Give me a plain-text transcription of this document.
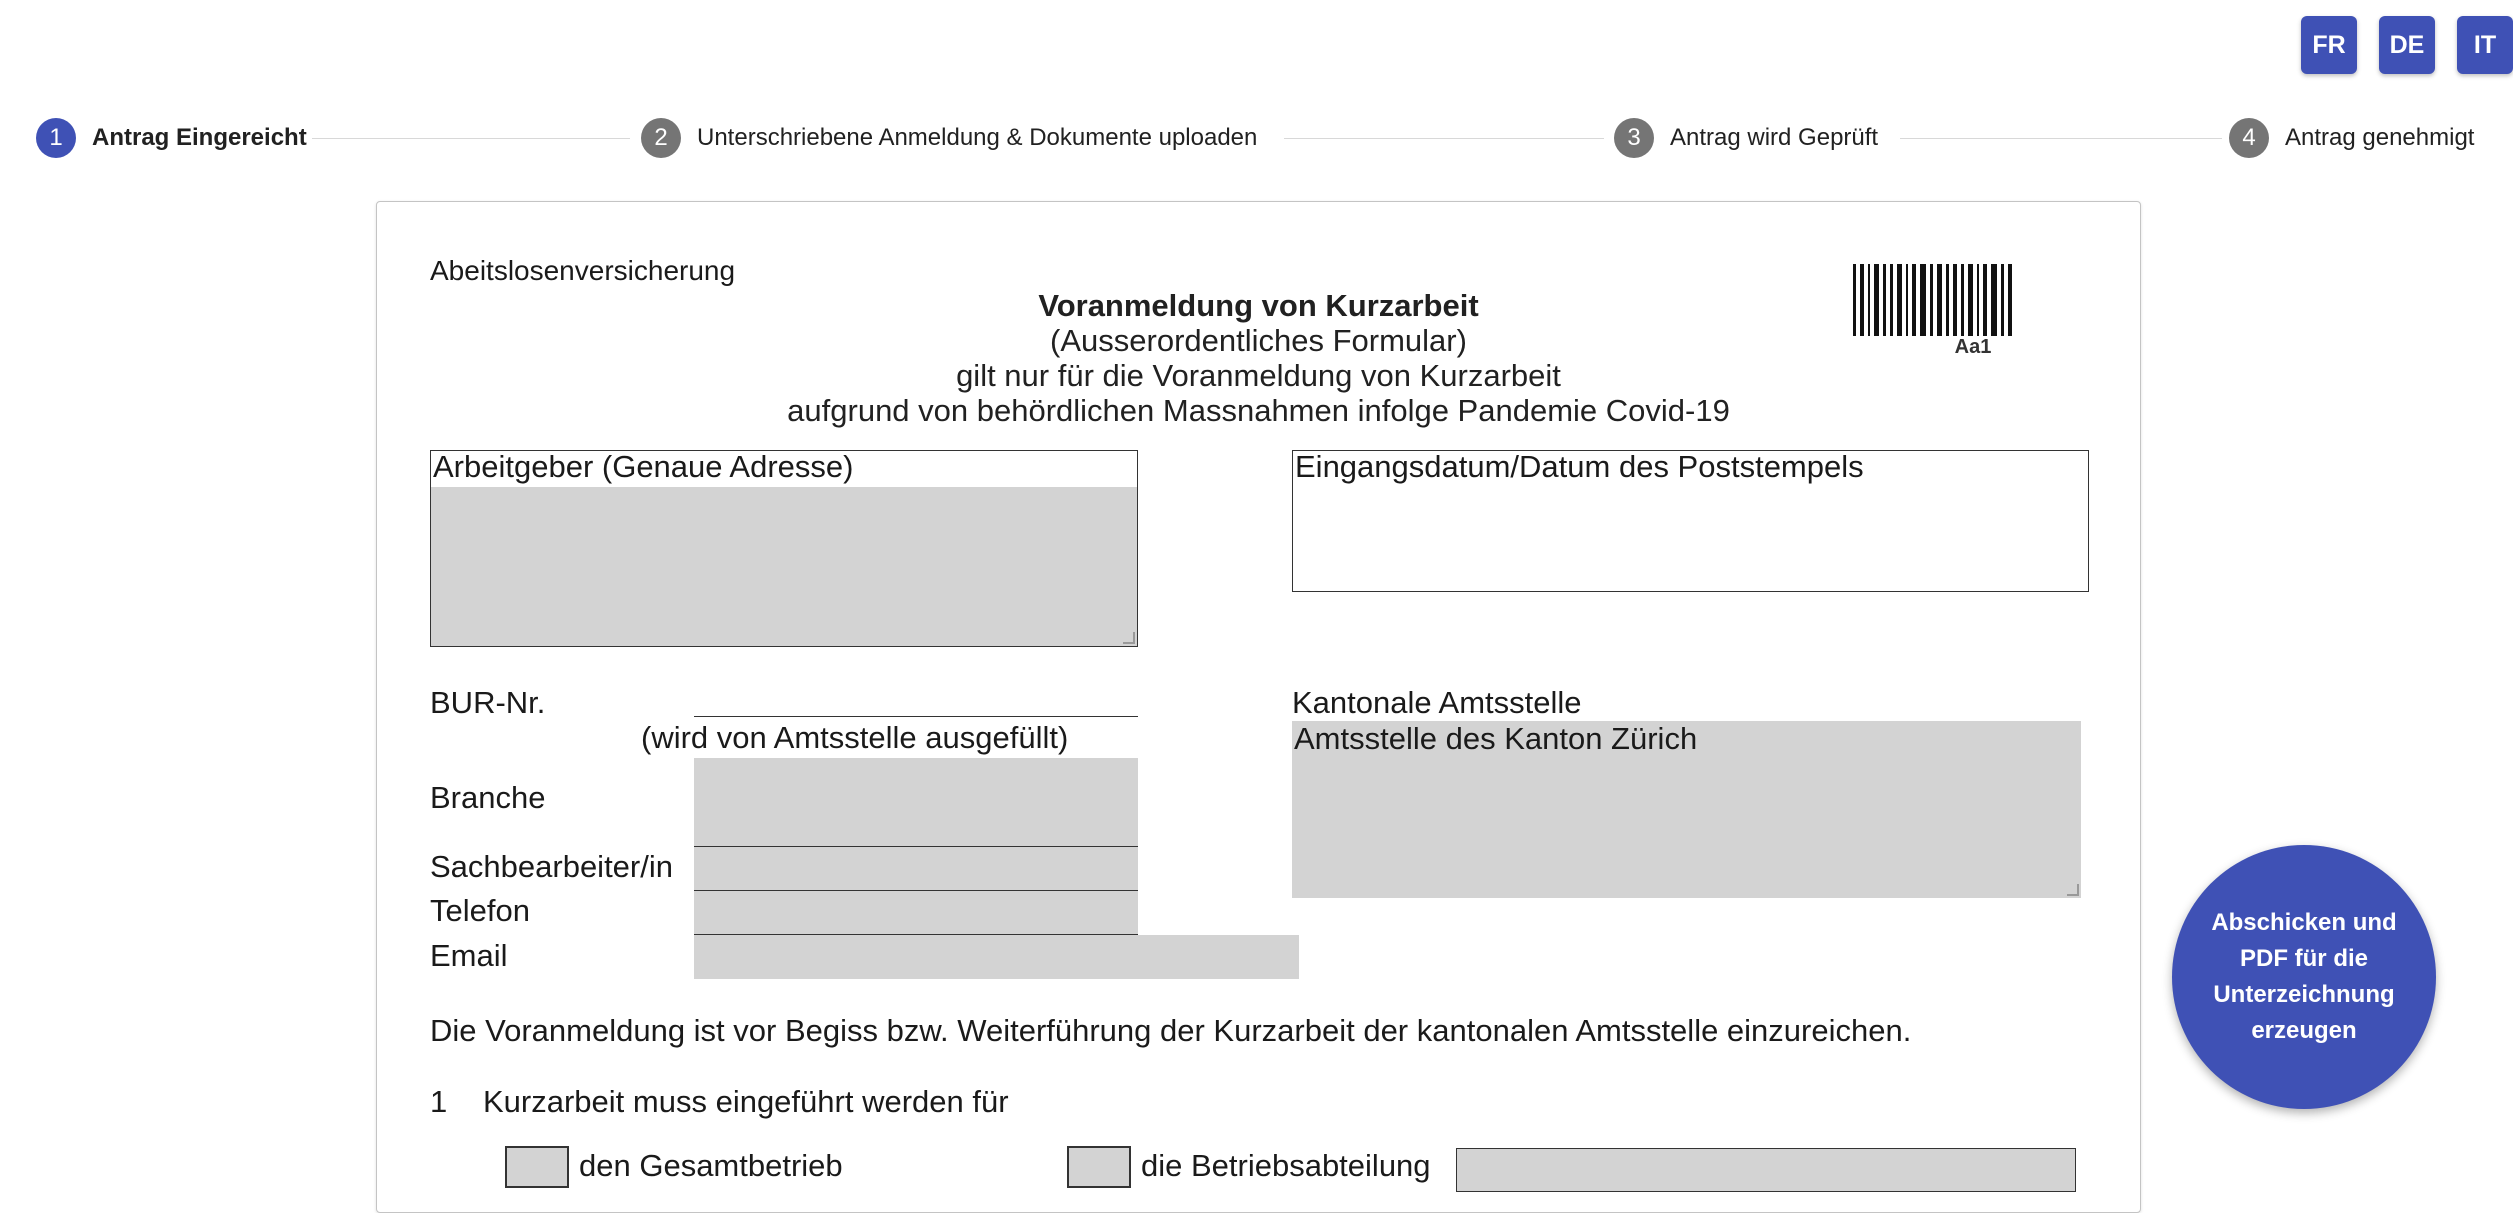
FR	DE	IT
1	Antrag Eingereicht	2	Unterschriebene Anmeldung & Dokumente uploaden	3	Antrag wird Geprüft	4	Antrag genehmigt
Abeitslosenversicherung
Voranmeldung von Kurzarbeit
(Ausserordentliches Formular)
gilt nur für die Voranmeldung von Kurzarbeit
aufgrund von behördlichen Massnahmen infolge Pandemie Covid-19
Aa1
Arbeitgeber (Genaue Adresse)	Eingangsdatum/Datum des Poststempels
BUR-Nr.
(wird von Amtsstelle ausgefüllt)
Branche
Sachbearbeiter/in
Telefon
Email
Kantonale Amtsstelle
Amtsstelle des Kanton Zürich
Die Voranmeldung ist vor Begiss bzw. Weiterführung der Kurzarbeit der kantonalen Amtsstelle einzureichen.
1 Kurzarbeit muss eingeführt werden für
den Gesamtbetrieb	die Betriebsabteilung
Abschicken und PDF für die Unterzeichnung erzeugen
